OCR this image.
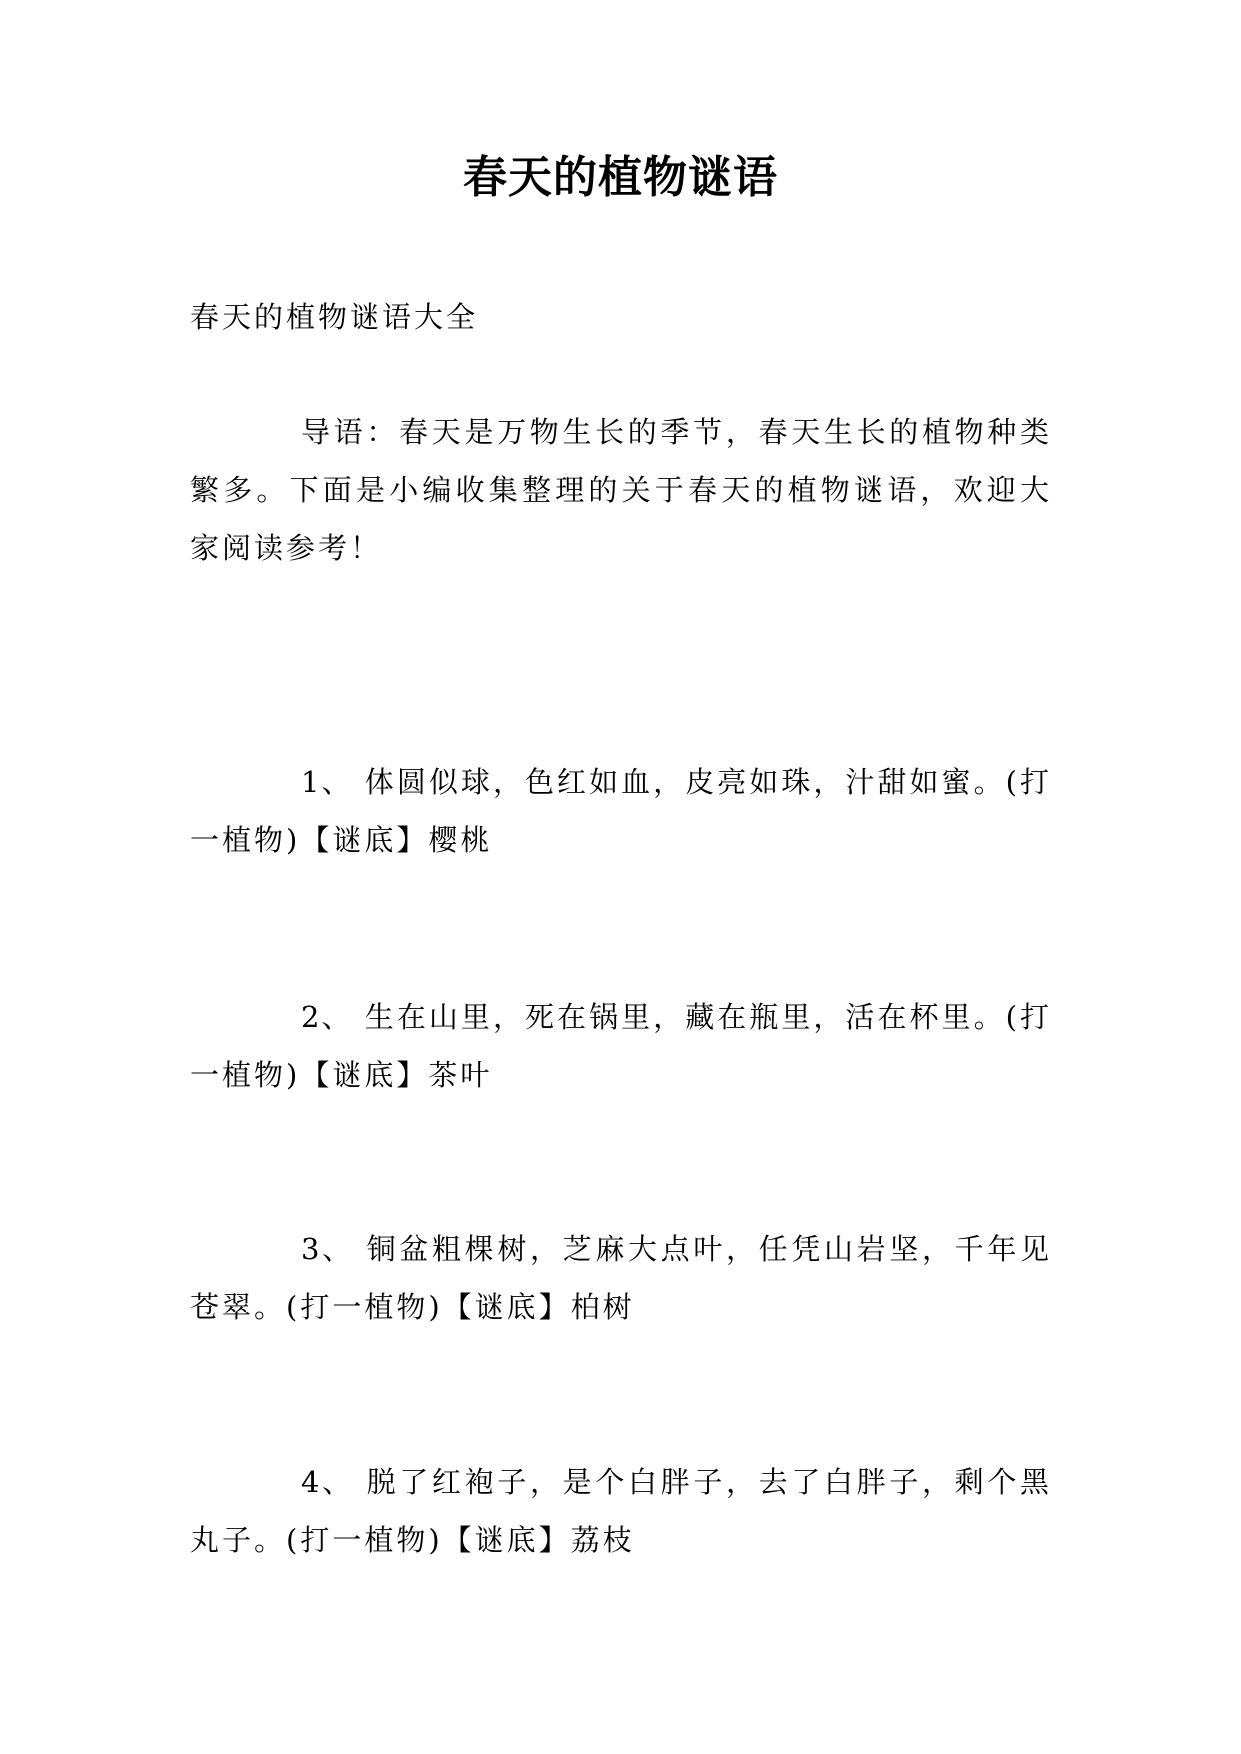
春天的植物谜语
春天的植物谜语大全
导语：春天是万物生长的季节，春天生长的植物种类繁多。下面是小编收集整理的关于春天的植物谜语，欢迎大家阅读参考！
1、 体圆似球，色红如血，皮亮如珠，汁甜如蜜。(打一植物)【谜底】樱桃
2、 生在山里，死在锅里，藏在瓶里，活在杯里。(打一植物)【谜底】茶叶
3、 铜盆粗棵树，芝麻大点叶，任凭山岩坚，千年见苍翠。(打一植物)【谜底】柏树
4、 脱了红袍子，是个白胖子，去了白胖子，剩个黑丸子。(打一植物)【谜底】荔枝
